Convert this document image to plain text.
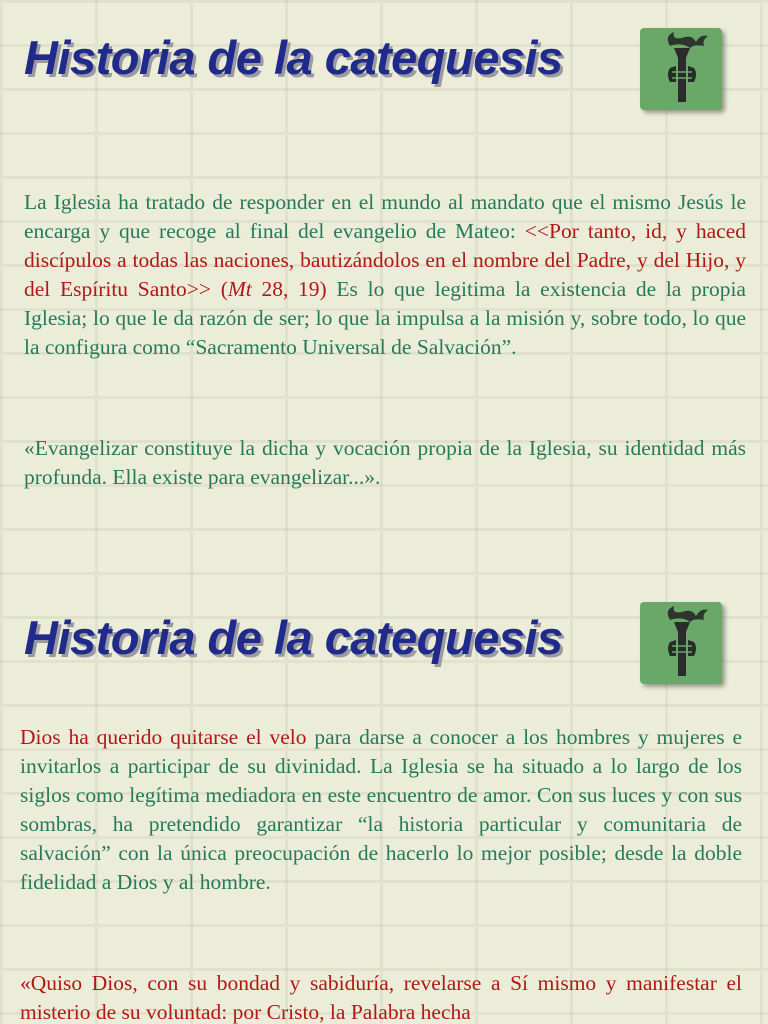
Historia de la catequesis

La Iglesia ha tratado de responder en el mundo al mandato que el mismo Jesús le encarga y que recoge al final del evangelio de Mateo: <<Por tanto, id, y haced discípulos a todas las naciones, bautizándolos en el nombre del Padre, y del Hijo, y del Espíritu Santo>> (Mt 28, 19) Es lo que legitima la existencia de la propia Iglesia; lo que le da razón de ser; lo que la impulsa a la misión y, sobre todo, lo que la configura como “Sacramento Universal de Salvación”.

«Evangelizar constituye la dicha y vocación propia de la Iglesia, su identidad más profunda. Ella existe para evangelizar...».

Historia de la catequesis

Dios ha querido quitarse el velo para darse a conocer a los hombres y mujeres e invitarlos a participar de su divinidad. La Iglesia se ha situado a lo largo de los siglos como legítima mediadora en este encuentro de amor. Con sus luces y con sus sombras, ha pretendido garantizar “la historia particular y comunitaria de salvación” con la única preocupación de hacerlo lo mejor posible; desde la doble fidelidad a Dios y al hombre.

«Quiso Dios, con su bondad y sabiduría, revelarse a Sí mismo y manifestar el misterio de su voluntad: por Cristo, la Palabra hecha
